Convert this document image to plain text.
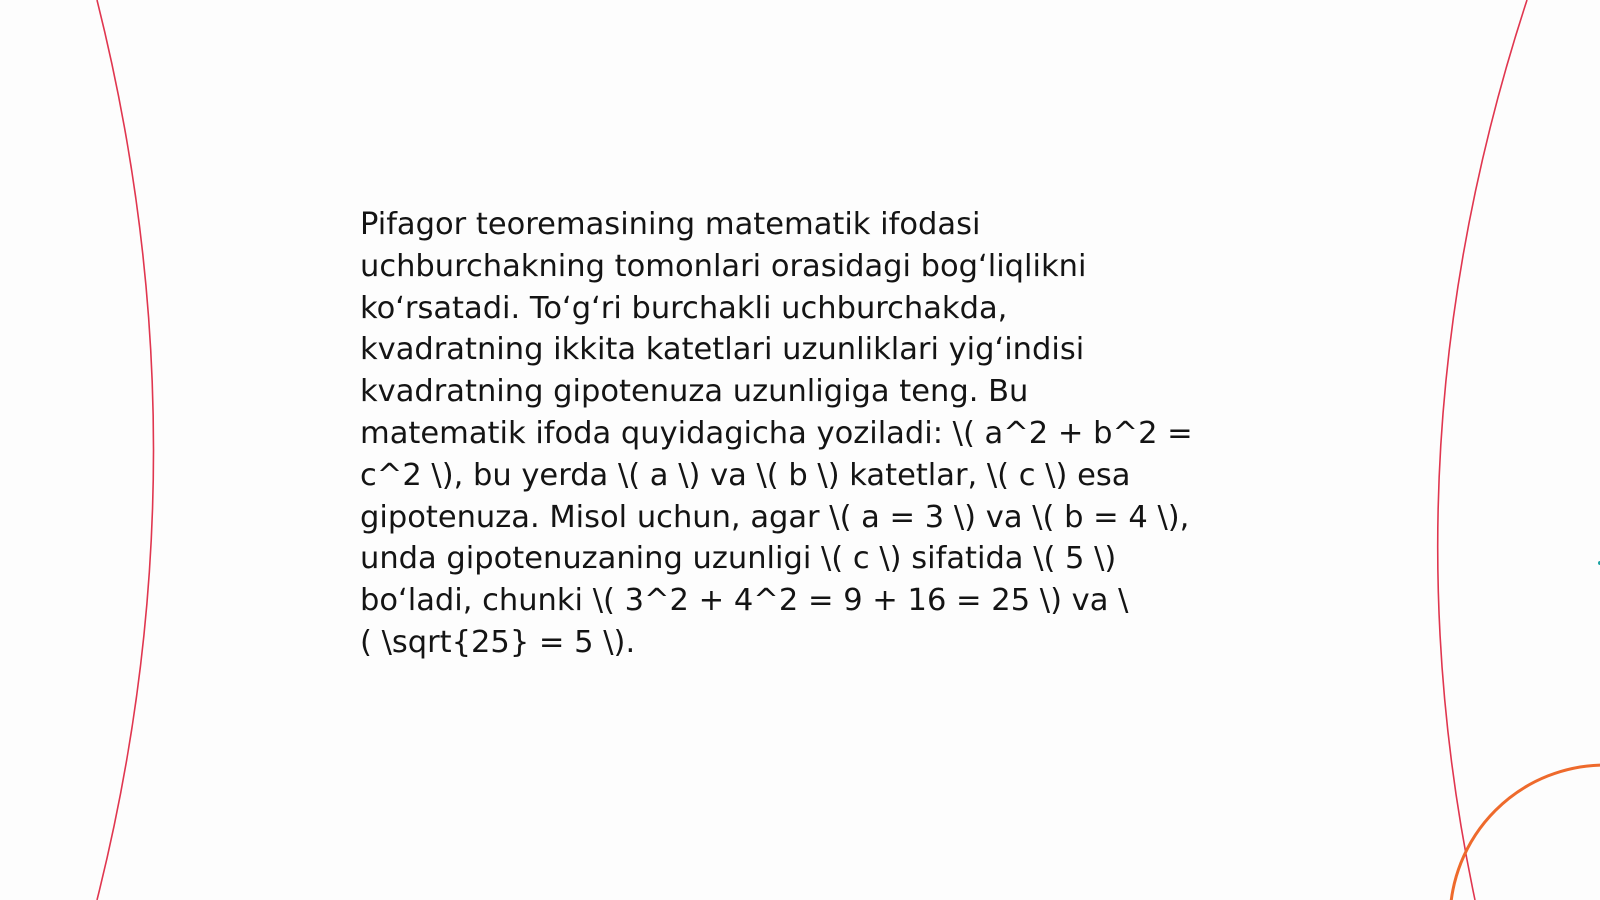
Pifagor teoremasining matematik ifodasi
uchburchakning tomonlari orasidagi bog‘liqlikni
ko‘rsatadi. To‘g‘ri burchakli uchburchakda,
kvadratning ikkita katetlari uzunliklari yig‘indisi
kvadratning gipotenuza uzunligiga teng. Bu
matematik ifoda quyidagicha yoziladi: \( a^2 + b^2 =
c^2 \), bu yerda \( a \) va \( b \) katetlar, \( c \) esa
gipotenuza. Misol uchun, agar \( a = 3 \) va \( b = 4 \),
unda gipotenuzaning uzunligi \( c \) sifatida \( 5 \)
bo‘ladi, chunki \( 3^2 + 4^2 = 9 + 16 = 25 \) va \
( \sqrt{25} = 5 \).
